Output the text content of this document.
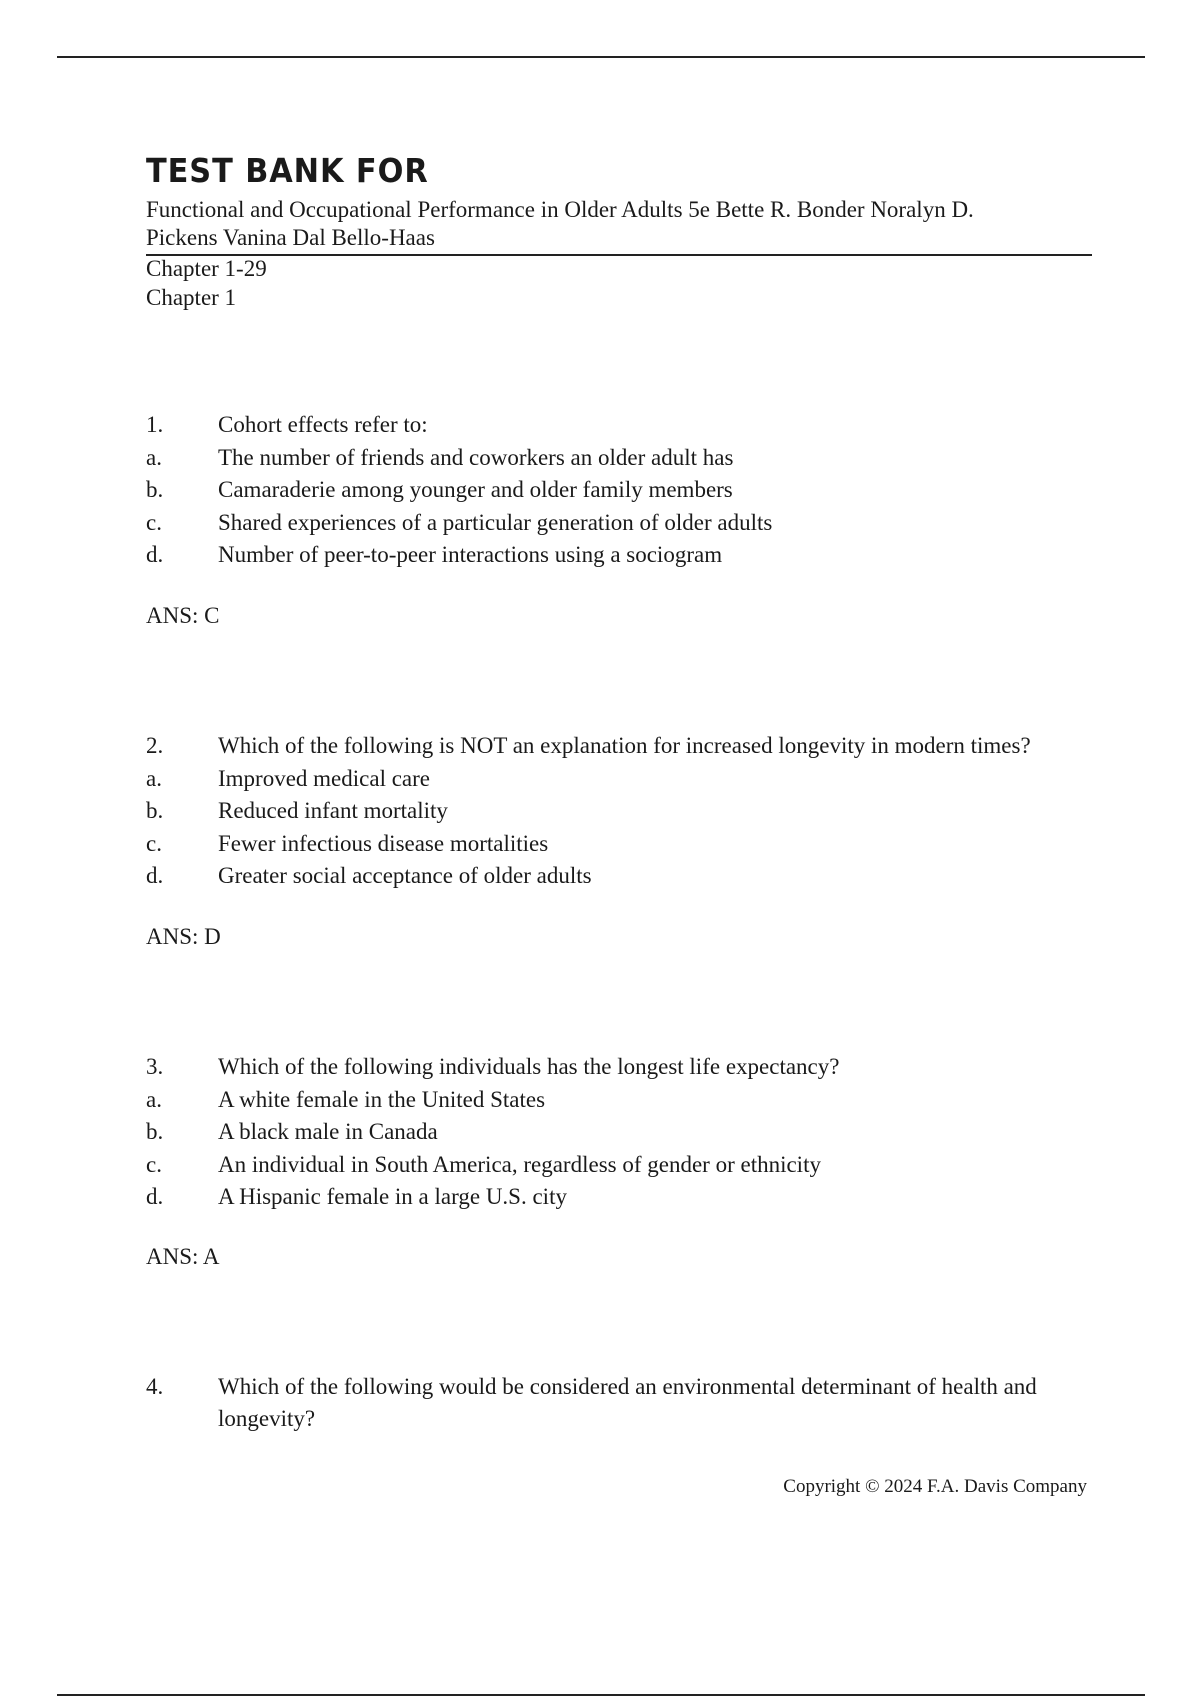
TEST BANK FOR
Functional and Occupational Performance in Older Adults 5e Bette R. Bonder Noralyn D. Pickens Vanina Dal Bello-Haas
Chapter 1-29
Chapter 1
1.	Cohort effects refer to:
a.	The number of friends and coworkers an older adult has
b.	Camaraderie among younger and older family members
c.	Shared experiences of a particular generation of older adults
d.	Number of peer-to-peer interactions using a sociogram
ANS: C
2.	Which of the following is NOT an explanation for increased longevity in modern times?
a.	Improved medical care
b.	Reduced infant mortality
c.	Fewer infectious disease mortalities
d.	Greater social acceptance of older adults
ANS: D
3.	Which of the following individuals has the longest life expectancy?
a.	A white female in the United States
b.	A black male in Canada
c.	An individual in South America, regardless of gender or ethnicity
d.	A Hispanic female in a large U.S. city
ANS: A
4.	Which of the following would be considered an environmental determinant of health and longevity?
Copyright © 2024 F.A. Davis Company
